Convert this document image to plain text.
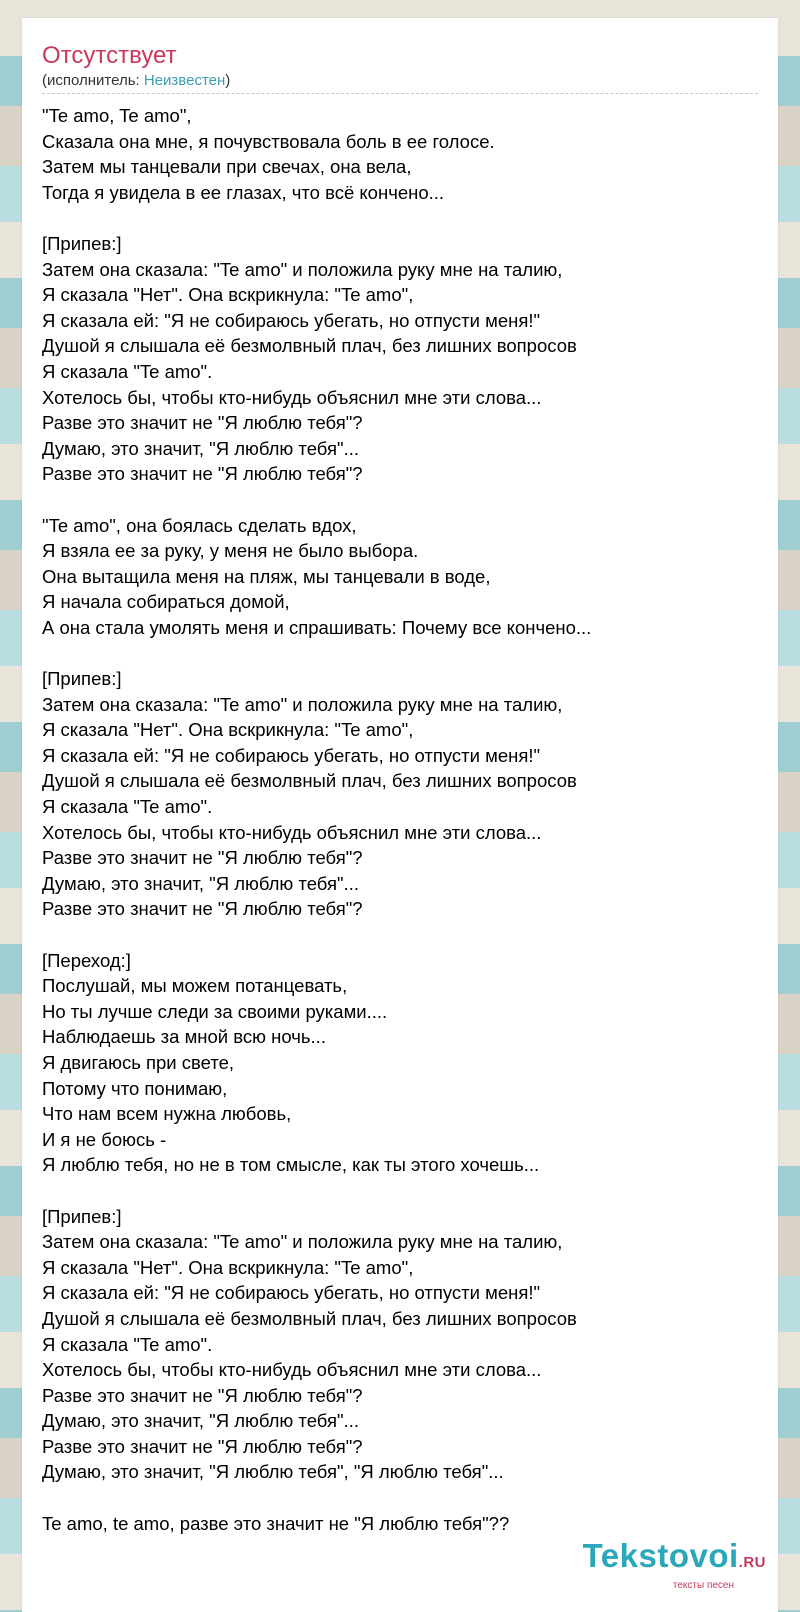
Отсутствует
(исполнитель: Неизвестен)
"Te amo, Te amo",
Сказала она мне, я почувствовала боль в ее голосе.
Затем мы танцевали при свечах, она вела,
Тогда я увидела в ее глазах, что всё кончено...
[Припев:]
Затем она сказала: "Te amo" и положила руку мне на талию,
Я сказала "Нет". Она вскрикнула: "Te amo",
Я сказала ей: "Я не собираюсь убегать, но отпусти меня!"
Душой я слышала её безмолвный плач, без лишних вопросов
Я сказала "Te amo".
Хотелось бы, чтобы кто-нибудь объяснил мне эти слова...
Разве это значит не "Я люблю тебя"?
Думаю, это значит, "Я люблю тебя"...
Разве это значит не "Я люблю тебя"?
"Te amo", она боялась сделать вдох,
Я взяла ее за руку, у меня не было выбора.
Она вытащила меня на пляж, мы танцевали в воде,
Я начала собираться домой,
А она стала умолять меня и спрашивать: Почему все кончено...
[Припев:]
Затем она сказала: "Te amo" и положила руку мне на талию,
Я сказала "Нет". Она вскрикнула: "Te amo",
Я сказала ей: "Я не собираюсь убегать, но отпусти меня!"
Душой я слышала её безмолвный плач, без лишних вопросов
Я сказала "Te amo".
Хотелось бы, чтобы кто-нибудь объяснил мне эти слова...
Разве это значит не "Я люблю тебя"?
Думаю, это значит, "Я люблю тебя"...
Разве это значит не "Я люблю тебя"?
[Переход:]
Послушай, мы можем потанцевать,
Но ты лучше следи за своими руками....
Наблюдаешь за мной всю ночь...
Я двигаюсь при свете,
Потому что понимаю,
Что нам всем нужна любовь,
И я не боюсь -
Я люблю тебя, но не в том смысле, как ты этого хочешь...
[Припев:]
Затем она сказала: "Te amo" и положила руку мне на талию,
Я сказала "Нет". Она вскрикнула: "Te amo",
Я сказала ей: "Я не собираюсь убегать, но отпусти меня!"
Душой я слышала её безмолвный плач, без лишних вопросов
Я сказала "Te amo".
Хотелось бы, чтобы кто-нибудь объяснил мне эти слова...
Разве это значит не "Я люблю тебя"?
Думаю, это значит, "Я люблю тебя"...
Разве это значит не "Я люблю тебя"?
Думаю, это значит, "Я люблю тебя", "Я люблю тебя"...
Te amo, te amo, разве это значит не "Я люблю тебя"??
Tekstovoi.RU
тексты песен
